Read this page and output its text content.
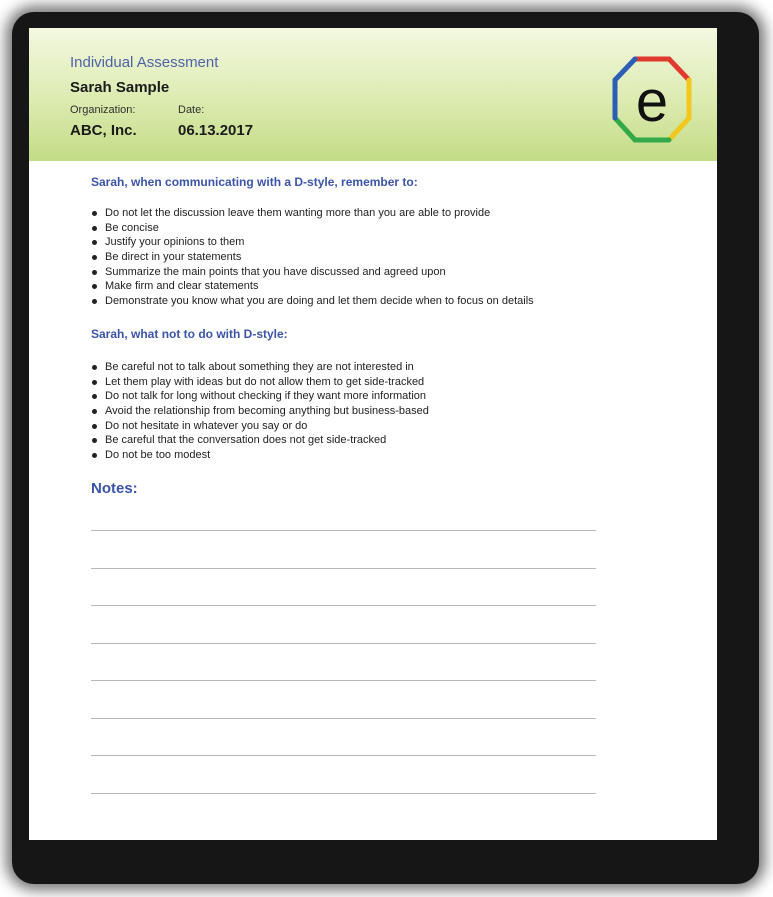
Individual Assessment
Sarah Sample
Organization:	Date:
ABC, Inc.	06.13.2017	e
Sarah, when communicating with a D-style, remember to:
Do not let the discussion leave them wanting more than you are able to provide
Be concise
Justify your opinions to them
Be direct in your statements
Summarize the main points that you have discussed and agreed upon
Make firm and clear statements
Demonstrate you know what you are doing and let them decide when to focus on details
Sarah, what not to do with D-style:
Be careful not to talk about something they are not interested in
Let them play with ideas but do not allow them to get side-tracked
Do not talk for long without checking if they want more information
Avoid the relationship from becoming anything but business-based
Do not hesitate in whatever you say or do
Be careful that the conversation does not get side-tracked
Do not be too modest
Notes:
